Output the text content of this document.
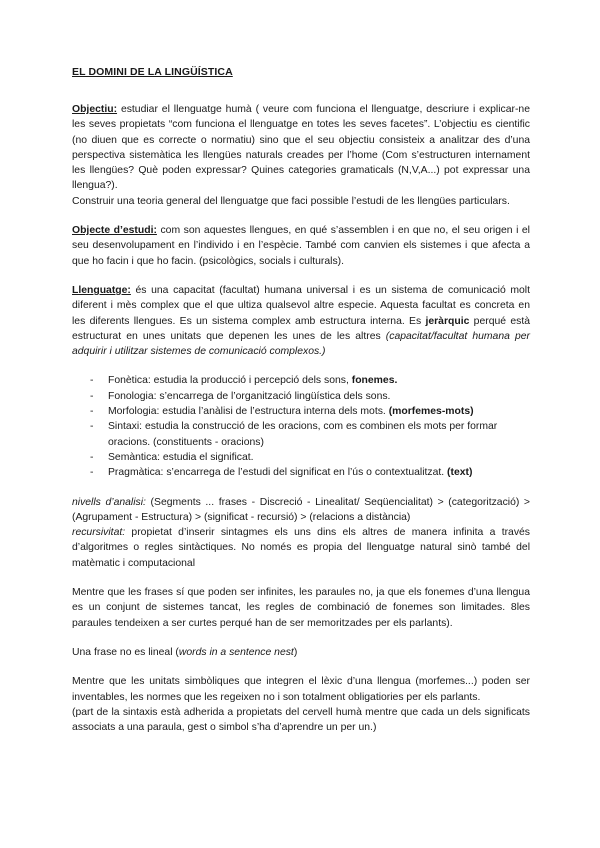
EL DOMINI DE LA LINGÜÍSTICA

Objectiu: estudiar el llenguatge humà ( veure com funciona el llenguatge, descriure i explicar-ne les seves propietats “com funciona el llenguatge en totes les seves facetes”. L’objectiu es cientific (no diuen que es correcte o normatiu) sino que el seu objectiu consisteix a analitzar des d’una perspectiva sistemàtica les llengües naturals creades per l’home (Com s’estructuren internament les llengües? Què poden expressar? Quines categories gramaticals (N,V,A...) pot expressar una llengua?).

Construir una teoria general del llenguatge que faci possible l’estudi de les llengües particulars.

Objecte d’estudi: com son aquestes llengues, en qué s’assemblen i en que no, el seu origen i el seu desenvolupament en l’individo i en l’espècie. També com canvien els sistemes i que afecta a que ho facin i que ho facin. (psicològics, socials i culturals).

Llenguatge: és una capacitat (facultat) humana universal i es un sistema de comunicació molt diferent i mès complex que el que ultiza qualsevol altre especie. Aquesta facultat es concreta en les diferents llengues. Es un sistema complex amb estructura interna. Es jeràrquic perqué està estructurat en unes unitats que depenen les unes de les altres (capacitat/facultat humana per adquirir i utilitzar sistemes de comunicació complexos.)

- Fonètica: estudia la producció i percepció dels sons, fonemes.
- Fonologia: s’encarrega de l’organització lingüística dels sons.
- Morfologia: estudia l’anàlisi de l’estructura interna dels mots. (morfemes-mots)
- Sintaxi: estudia la construcció de les oracions, com es combinen els mots per formar oracions. (constituents - oracions)
- Semàntica: estudia el significat.
- Pragmàtica: s’encarrega de l’estudi del significat en l’ús o contextualitzat. (text)

nivells d’analisi: (Segments ... frases - Discreció - Linealitat/ Seqüencialitat) > (categorització) > (Agrupament - Estructura) > (significat - recursió) > (relacions a distància)

recursivitat: propietat d’inserir sintagmes els uns dins els altres de manera infinita a través d’algoritmes o regles sintàctiques. No només es propia del llenguatge natural sinò també del matèmatic i computacional

Mentre que les frases sí que poden ser infinites, les paraules no, ja que els fonemes d’una llengua es un conjunt de sistemes tancat, les regles de combinació de fonemes son limitades. 8les paraules tendeixen a ser curtes perqué han de ser memoritzades per els parlants).

Una frase no es lineal (words in a sentence nest)

Mentre que les unitats simbòliques que integren el lèxic d’una llengua (morfemes...) poden ser inventables, les normes que les regeixen no i son totalment obligatiories per els parlants.

(part de la sintaxis està adherida a propietats del cervell humà mentre que cada un dels significats associats a una paraula, gest o simbol s’ha d’aprendre un per un.)
